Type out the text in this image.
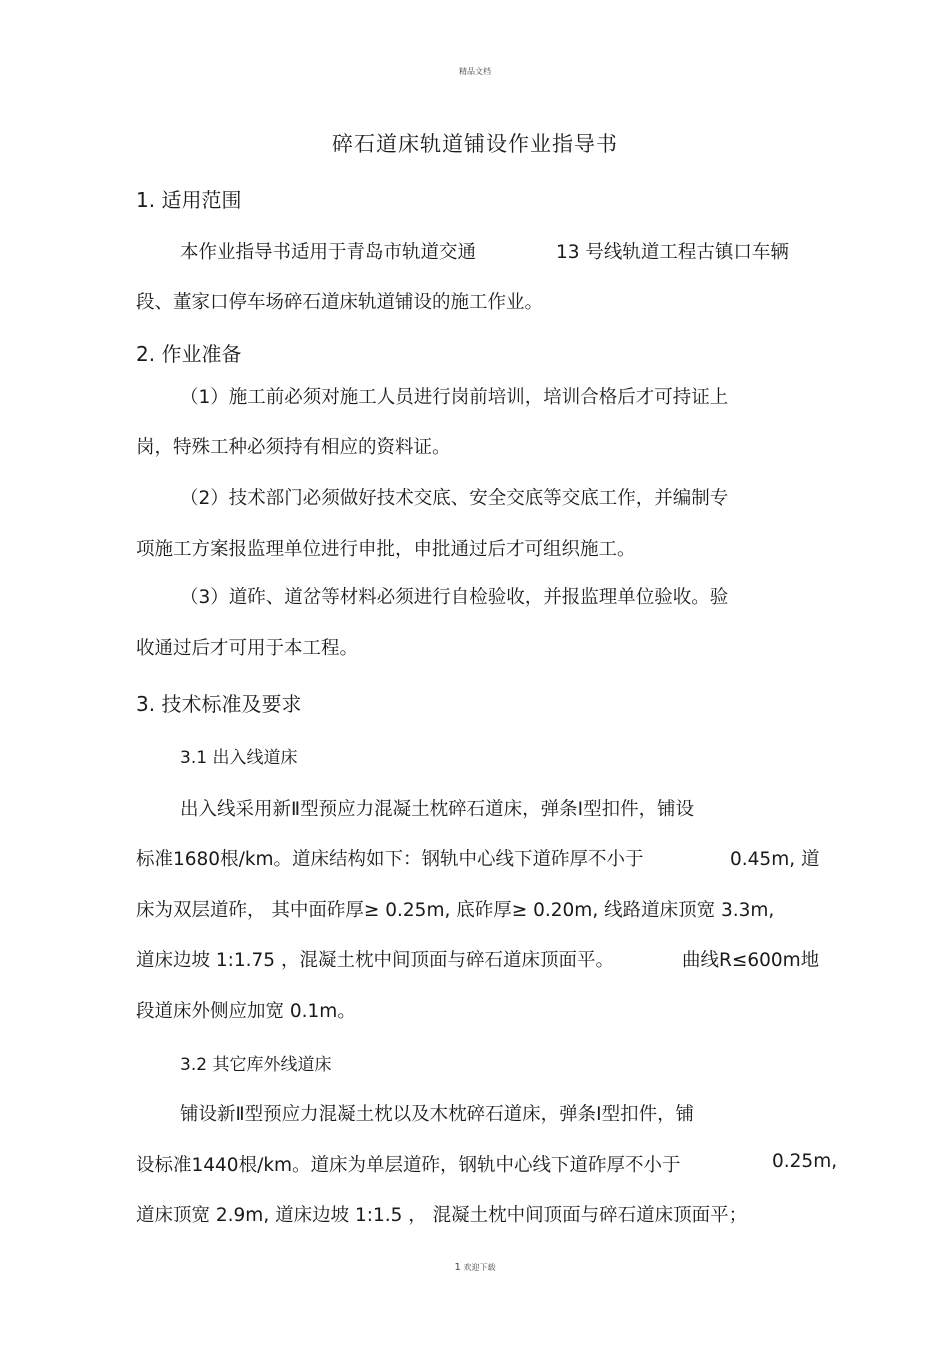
精品文档
碎石道床轨道铺设作业指导书
1. 适用范围
本作业指导书适用于青岛市轨道交通	13 号线轨道工程古镇口车辆
段、董家口停车场碎石道床轨道铺设的施工作业。
2. 作业准备
（1）施工前必须对施工人员进行岗前培训，培训合格后才可持证上
岗，特殊工种必须持有相应的资料证。
（2）技术部门必须做好技术交底、安全交底等交底工作，并编制专
项施工方案报监理单位进行申批，申批通过后才可组织施工。
（3）道砟、道岔等材料必须进行自检验收，并报监理单位验收。验
收通过后才可用于本工程。
3. 技术标准及要求
3.1 出入线道床
出入线采用新Ⅱ型预应力混凝土枕碎石道床，弹条Ⅰ型扣件，铺设
标准1680根/km。道床结构如下：钢轨中心线下道砟厚不小于	0.45m, 道
床为双层道砟， 其中面砟厚≥ 0.25m, 底砟厚≥ 0.20m, 线路道床顶宽 3.3m,
道床边坡 1:1.75 ，混凝土枕中间顶面与碎石道床顶面平。	曲线R≤600m地
段道床外侧应加宽 0.1m。
3.2 其它库外线道床
铺设新Ⅱ型预应力混凝土枕以及木枕碎石道床，弹条Ⅰ型扣件，铺
设标准1440根/km。道床为单层道砟，钢轨中心线下道砟厚不小于	0.25m,
道床顶宽 2.9m, 道床边坡 1:1.5 ， 混凝土枕中间顶面与碎石道床顶面平；
1 欢迎下载
